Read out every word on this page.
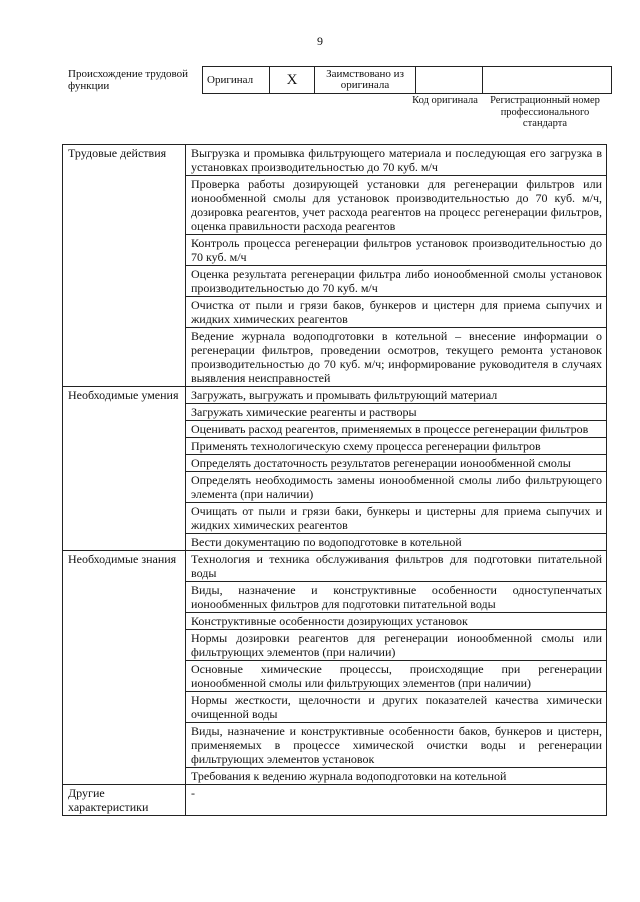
9
Происхождение трудовой функции
Оригинал	X	Заимствовано из оригинала		
Код оригинала	Регистрационный номер профессионального стандарта
Трудовые действия	Выгрузка и промывка фильтрующего материала и последующая его загрузка в установках производительностью до 70 куб. м/ч
	Проверка работы дозирующей установки для регенерации фильтров или ионообменной смолы для установок производительностью до 70 куб. м/ч, дозировка реагентов, учет расхода реагентов на процесс регенерации фильтров, оценка правильности расхода реагентов
	Контроль процесса регенерации фильтров установок производительностью до 70 куб. м/ч
	Оценка результата регенерации фильтра либо ионообменной смолы установок производительностью до 70 куб. м/ч
	Очистка от пыли и грязи баков, бункеров и цистерн для приема сыпучих и жидких химических реагентов
	Ведение журнала водоподготовки в котельной – внесение информации о регенерации фильтров, проведении осмотров, текущего ремонта установок производительностью до 70 куб. м/ч; информирование руководителя в случаях выявления неисправностей
Необходимые умения	Загружать, выгружать и промывать фильтрующий материал
	Загружать химические реагенты и растворы
	Оценивать расход реагентов, применяемых в процессе регенерации фильтров
	Применять технологическую схему процесса регенерации фильтров
	Определять достаточность результатов регенерации ионообменной смолы
	Определять необходимость замены ионообменной смолы либо фильтрующего элемента (при наличии)
	Очищать от пыли и грязи баки, бункеры и цистерны для приема сыпучих и жидких химических реагентов
	Вести документацию по водоподготовке в котельной
Необходимые знания	Технология и техника обслуживания фильтров для подготовки питательной воды
	Виды, назначение и конструктивные особенности одноступенчатых ионообменных фильтров для подготовки питательной воды
	Конструктивные особенности дозирующих установок
	Нормы дозировки реагентов для регенерации ионообменной смолы или фильтрующих элементов (при наличии)
	Основные химические процессы, происходящие при регенерации ионообменной смолы или фильтрующих элементов (при наличии)
	Нормы жесткости, щелочности и других показателей качества химически очищенной воды
	Виды, назначение и конструктивные особенности баков, бункеров и цистерн, применяемых в процессе химической очистки воды и регенерации фильтрующих элементов установок
	Требования к ведению журнала водоподготовки на котельной
Другие характеристики	-
